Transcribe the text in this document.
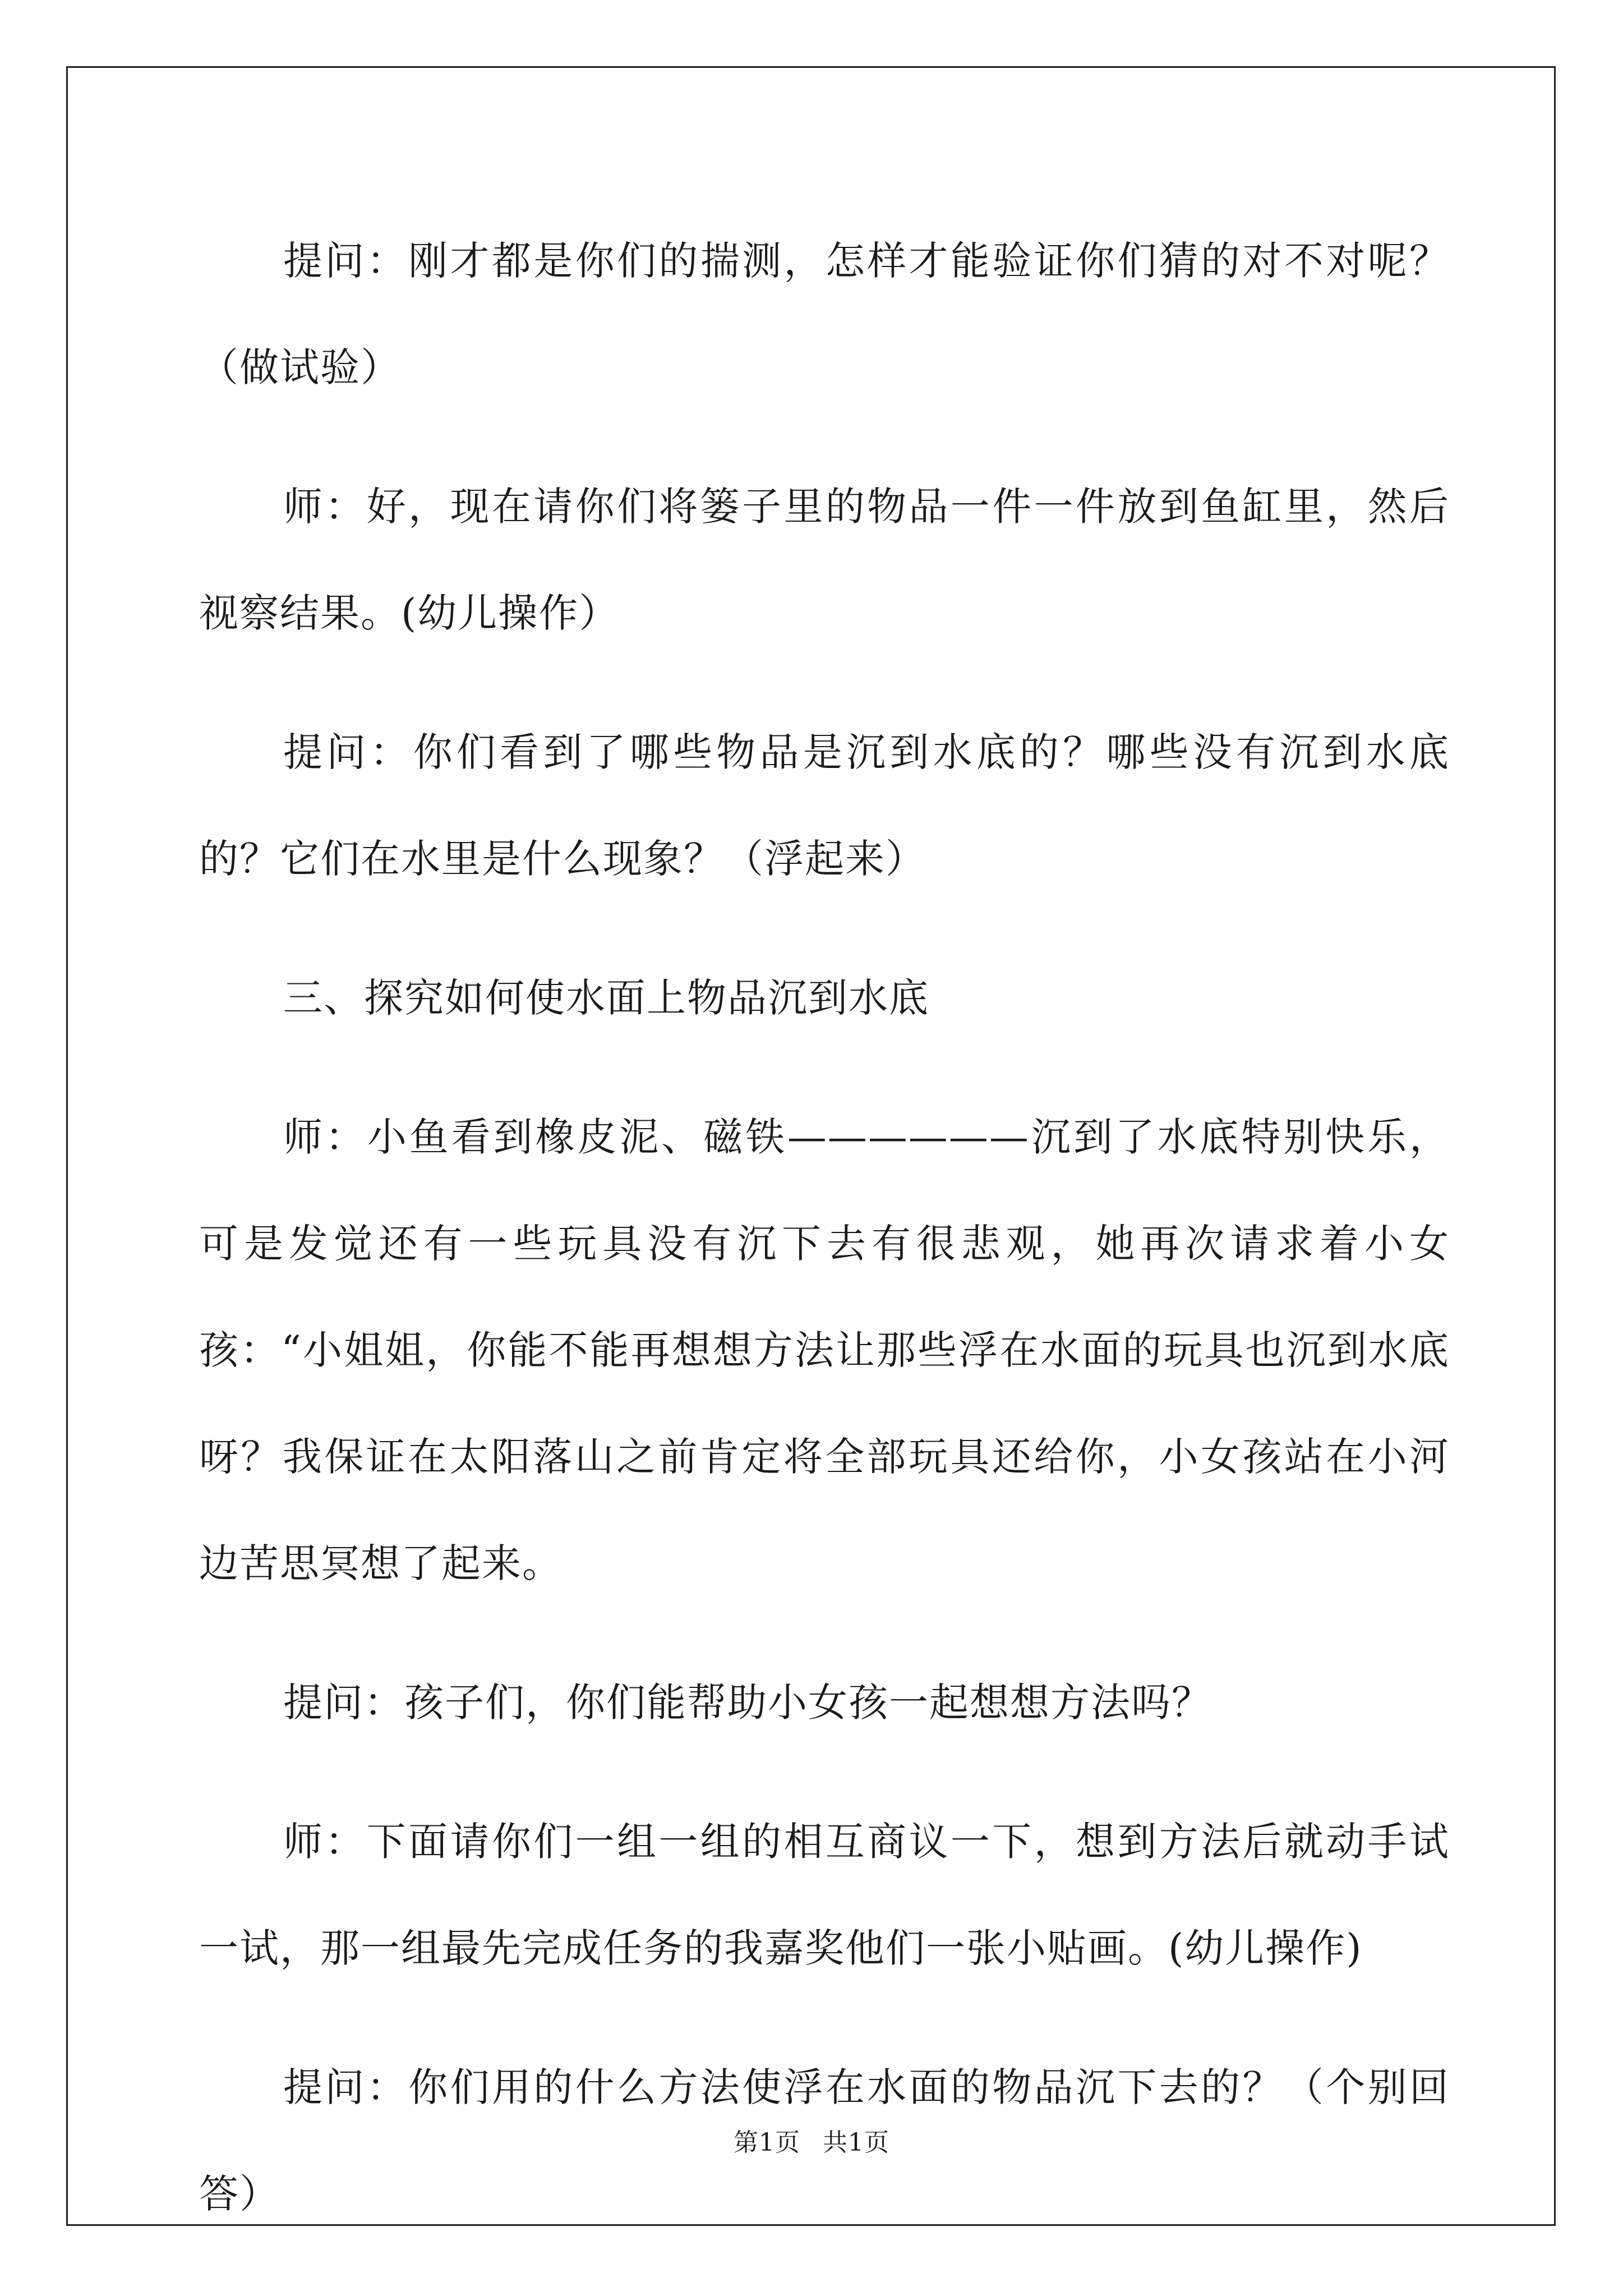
提问：刚才都是你们的揣测，怎样才能验证你们猜的对不对呢？（做试验）

师：好，现在请你们将篓子里的物品一件一件放到鱼缸里，然后视察结果。(幼儿操作）

提问：你们看到了哪些物品是沉到水底的？哪些没有沉到水底的？它们在水里是什么现象？（浮起来）

三、探究如何使水面上物品沉到水底

师：小鱼看到橡皮泥、磁铁——————沉到了水底特别快乐，可是发觉还有一些玩具没有沉下去有很悲观，她再次请求着小女孩：“小姐姐，你能不能再想想方法让那些浮在水面的玩具也沉到水底呀？我保证在太阳落山之前肯定将全部玩具还给你，小女孩站在小河边苦思冥想了起来。

提问：孩子们，你们能帮助小女孩一起想想方法吗？

师：下面请你们一组一组的相互商议一下，想到方法后就动手试一试，那一组最先完成任务的我嘉奖他们一张小贴画。(幼儿操作)

提问：你们用的什么方法使浮在水面的物品沉下去的？（个别回答）

第1页 共1页
